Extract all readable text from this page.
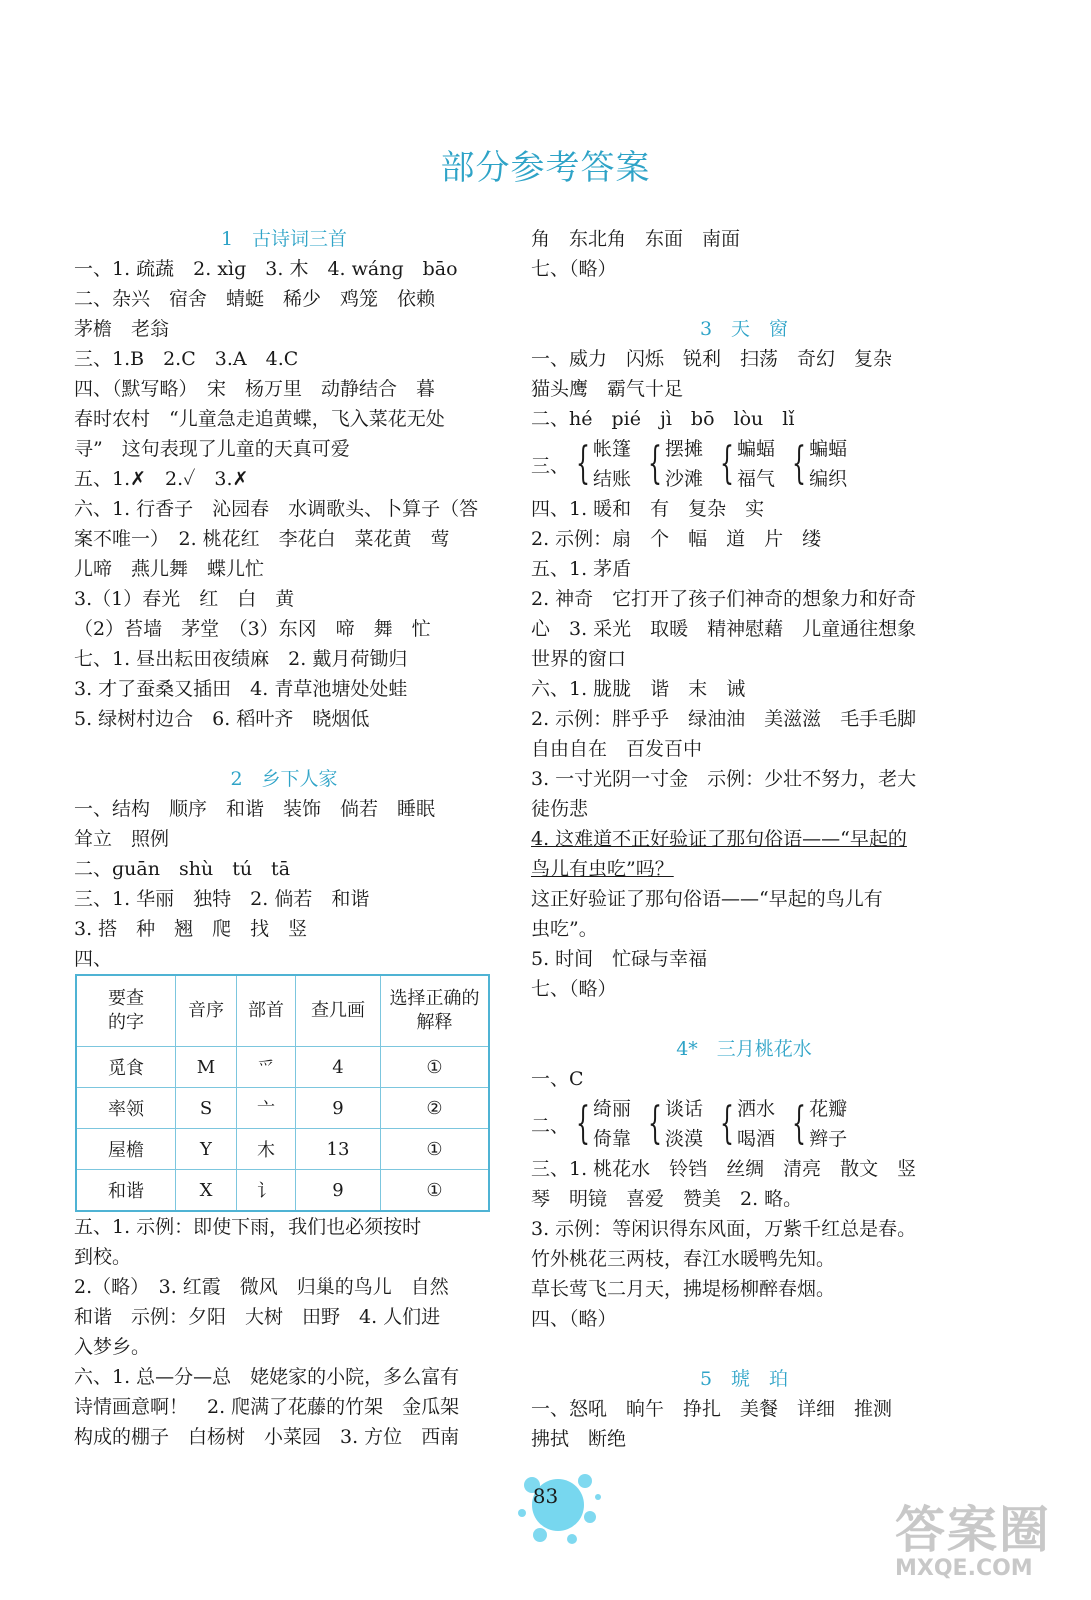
部分参考答案
1　古诗词三首
一、1. 疏蔬　2. xìɡ　3. 木　4. wánɡ　bāo
二、杂兴　宿舍　蜻蜓　稀少　鸡笼　依赖
茅檐　老翁
三、1.B　2.C　3.A　4.C
四、（默写略）　宋　杨万里　动静结合　暮
春时农村　“儿童急走追黄蝶，飞入菜花无处
寻”　这句表现了儿童的天真可爱
五、1.✗　2.✓　3.✗
六、1. 行香子　沁园春　水调歌头、卜算子（答
案不唯一）　2. 桃花红　李花白　菜花黄　莺
儿啼　燕儿舞　蝶儿忙
3.（1）春光　红　白　黄
（2）苔墙　茅堂　（3）东冈　啼　舞　忙
七、1. 昼出耘田夜绩麻　2. 戴月荷锄归
3. 才了蚕桑又插田　4. 青草池塘处处蛙
5. 绿树村边合　6. 稻叶齐　晓烟低
2　乡下人家
一、结构　顺序　和谐　装饰　倘若　睡眠
耸立　照例
二、ɡuān　shù　tú　tā
三、1. 华丽　独特　2. 倘若　和谐
3. 搭　种　翘　爬　找　竖
四、
要查
的字	音序	部首	查几画	选择正确的
解释
觅食	M	爫	4	①
率领	S	亠	9	②
屋檐	Y	木	13	①
和谐	X	讠	9	①
五、1. 示例：即使下雨，我们也必须按时
到校。
2.（略）　3. 红霞　微风　归巢的鸟儿　自然
和谐　示例：夕阳　大树　田野　4. 人们进
入梦乡。
六、1. 总—分—总　姥姥家的小院，多么富有
诗情画意啊！　2. 爬满了花藤的竹架　金瓜架
构成的棚子　白杨树　小菜园　3. 方位　西南
角　东北角　东面　南面
七、（略）
3　天　窗
一、威力　闪烁　锐利　扫荡　奇幻　复杂
猫头鹰　霸气十足
二、hé　pié　jì　bō　lòu　lǐ
三、 { 帐篷
结账 { 摆摊
沙滩 { 蝙蝠
福气 { 蝙蝠
编织
四、1. 暖和　有　复杂　实
2. 示例：扇　个　幅　道　片　缕
五、1. 茅盾
2. 神奇　它打开了孩子们神奇的想象力和好奇
心　3. 采光　取暖　精神慰藉　儿童通往想象
世界的窗口
六、1. 胧胧　谐　末　诫
2. 示例：胖乎乎　绿油油　美滋滋　毛手毛脚
自由自在　百发百中
3. 一寸光阴一寸金　示例：少壮不努力，老大
徒伤悲
4. 这难道不正好验证了那句俗语——“早起的
鸟儿有虫吃”吗？
这正好验证了那句俗语——“早起的鸟儿有
虫吃”。
5. 时间　忙碌与幸福
七、（略）
4*　三月桃花水
一、C
二、 { 绮丽
倚靠 { 谈话
淡漠 { 洒水
喝酒 { 花瓣
辫子
三、1. 桃花水　铃铛　丝绸　清亮　散文　竖
琴　明镜　喜爱　赞美　2. 略。
3. 示例：等闲识得东风面，万紫千红总是春。
竹外桃花三两枝，春江水暖鸭先知。
草长莺飞二月天，拂堤杨柳醉春烟。
四、（略）
5　琥　珀
一、怒吼　晌午　挣扎　美餐　详细　推测
拂拭　断绝
83
答案圈
MXQE.COM
